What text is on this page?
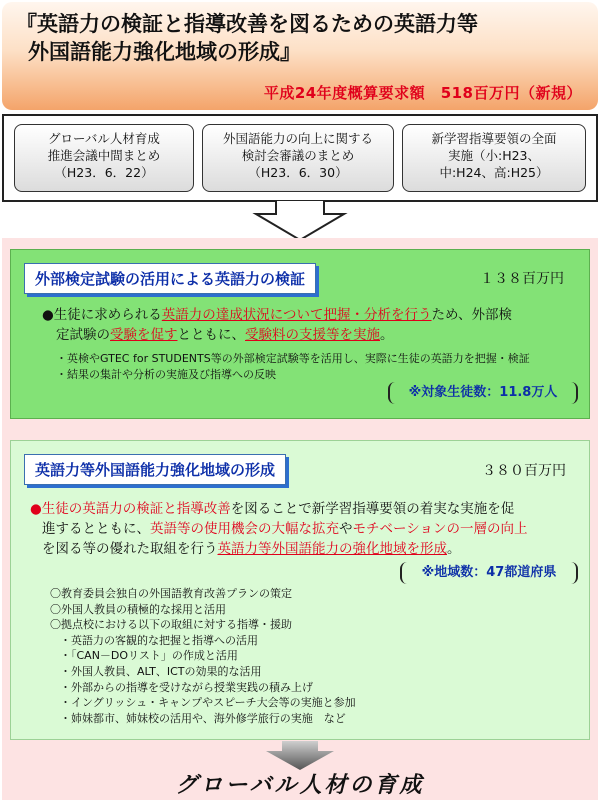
『英語力の検証と指導改善を図るための英語力等
外国語能力強化地域の形成』
平成24年度概算要求額　518百万円（新規）
グローバル人材育成
推進会議中間まとめ
（H23．6．22）
外国語能力の向上に関する
検討会審議のまとめ
（H23．6．30）
新学習指導要領の全面
実施（小:H23、
中:H24、高:H25）
外部検定試験の活用による英語力の検証	１３８百万円
●生徒に求められる英語力の達成状況について把握・分析を行うため、外部検
定試験の受験を促すとともに、受験料の支援等を実施。
・英検やGTEC for STUDENTS等の外部検定試験等を活用し、実際に生徒の英語力を把握・検証
・結果の集計や分析の実施及び指導への反映
※対象生徒数：11.8万人
英語力等外国語能力強化地域の形成	３８０百万円
●生徒の英語力の検証と指導改善を図ることで新学習指導要領の着実な実施を促
進するとともに、英語等の使用機会の大幅な拡充やモチベーションの一層の向上
を図る等の優れた取組を行う英語力等外国語能力の強化地域を形成。
※地域数：47都道府県
〇教育委員会独自の外国語教育改善プランの策定
〇外国人教員の積極的な採用と活用
〇拠点校における以下の取組に対する指導・援助
・英語力の客観的な把握と指導への活用
・「CAN－DOリスト」の作成と活用
・外国人教員、ALT、ICTの効果的な活用
・外部からの指導を受けながら授業実践の積み上げ
・イングリッシュ・キャンプやスピーチ大会等の実施と参加
・姉妹都市、姉妹校の活用や、海外修学旅行の実施　など
グローバル人材の育成
